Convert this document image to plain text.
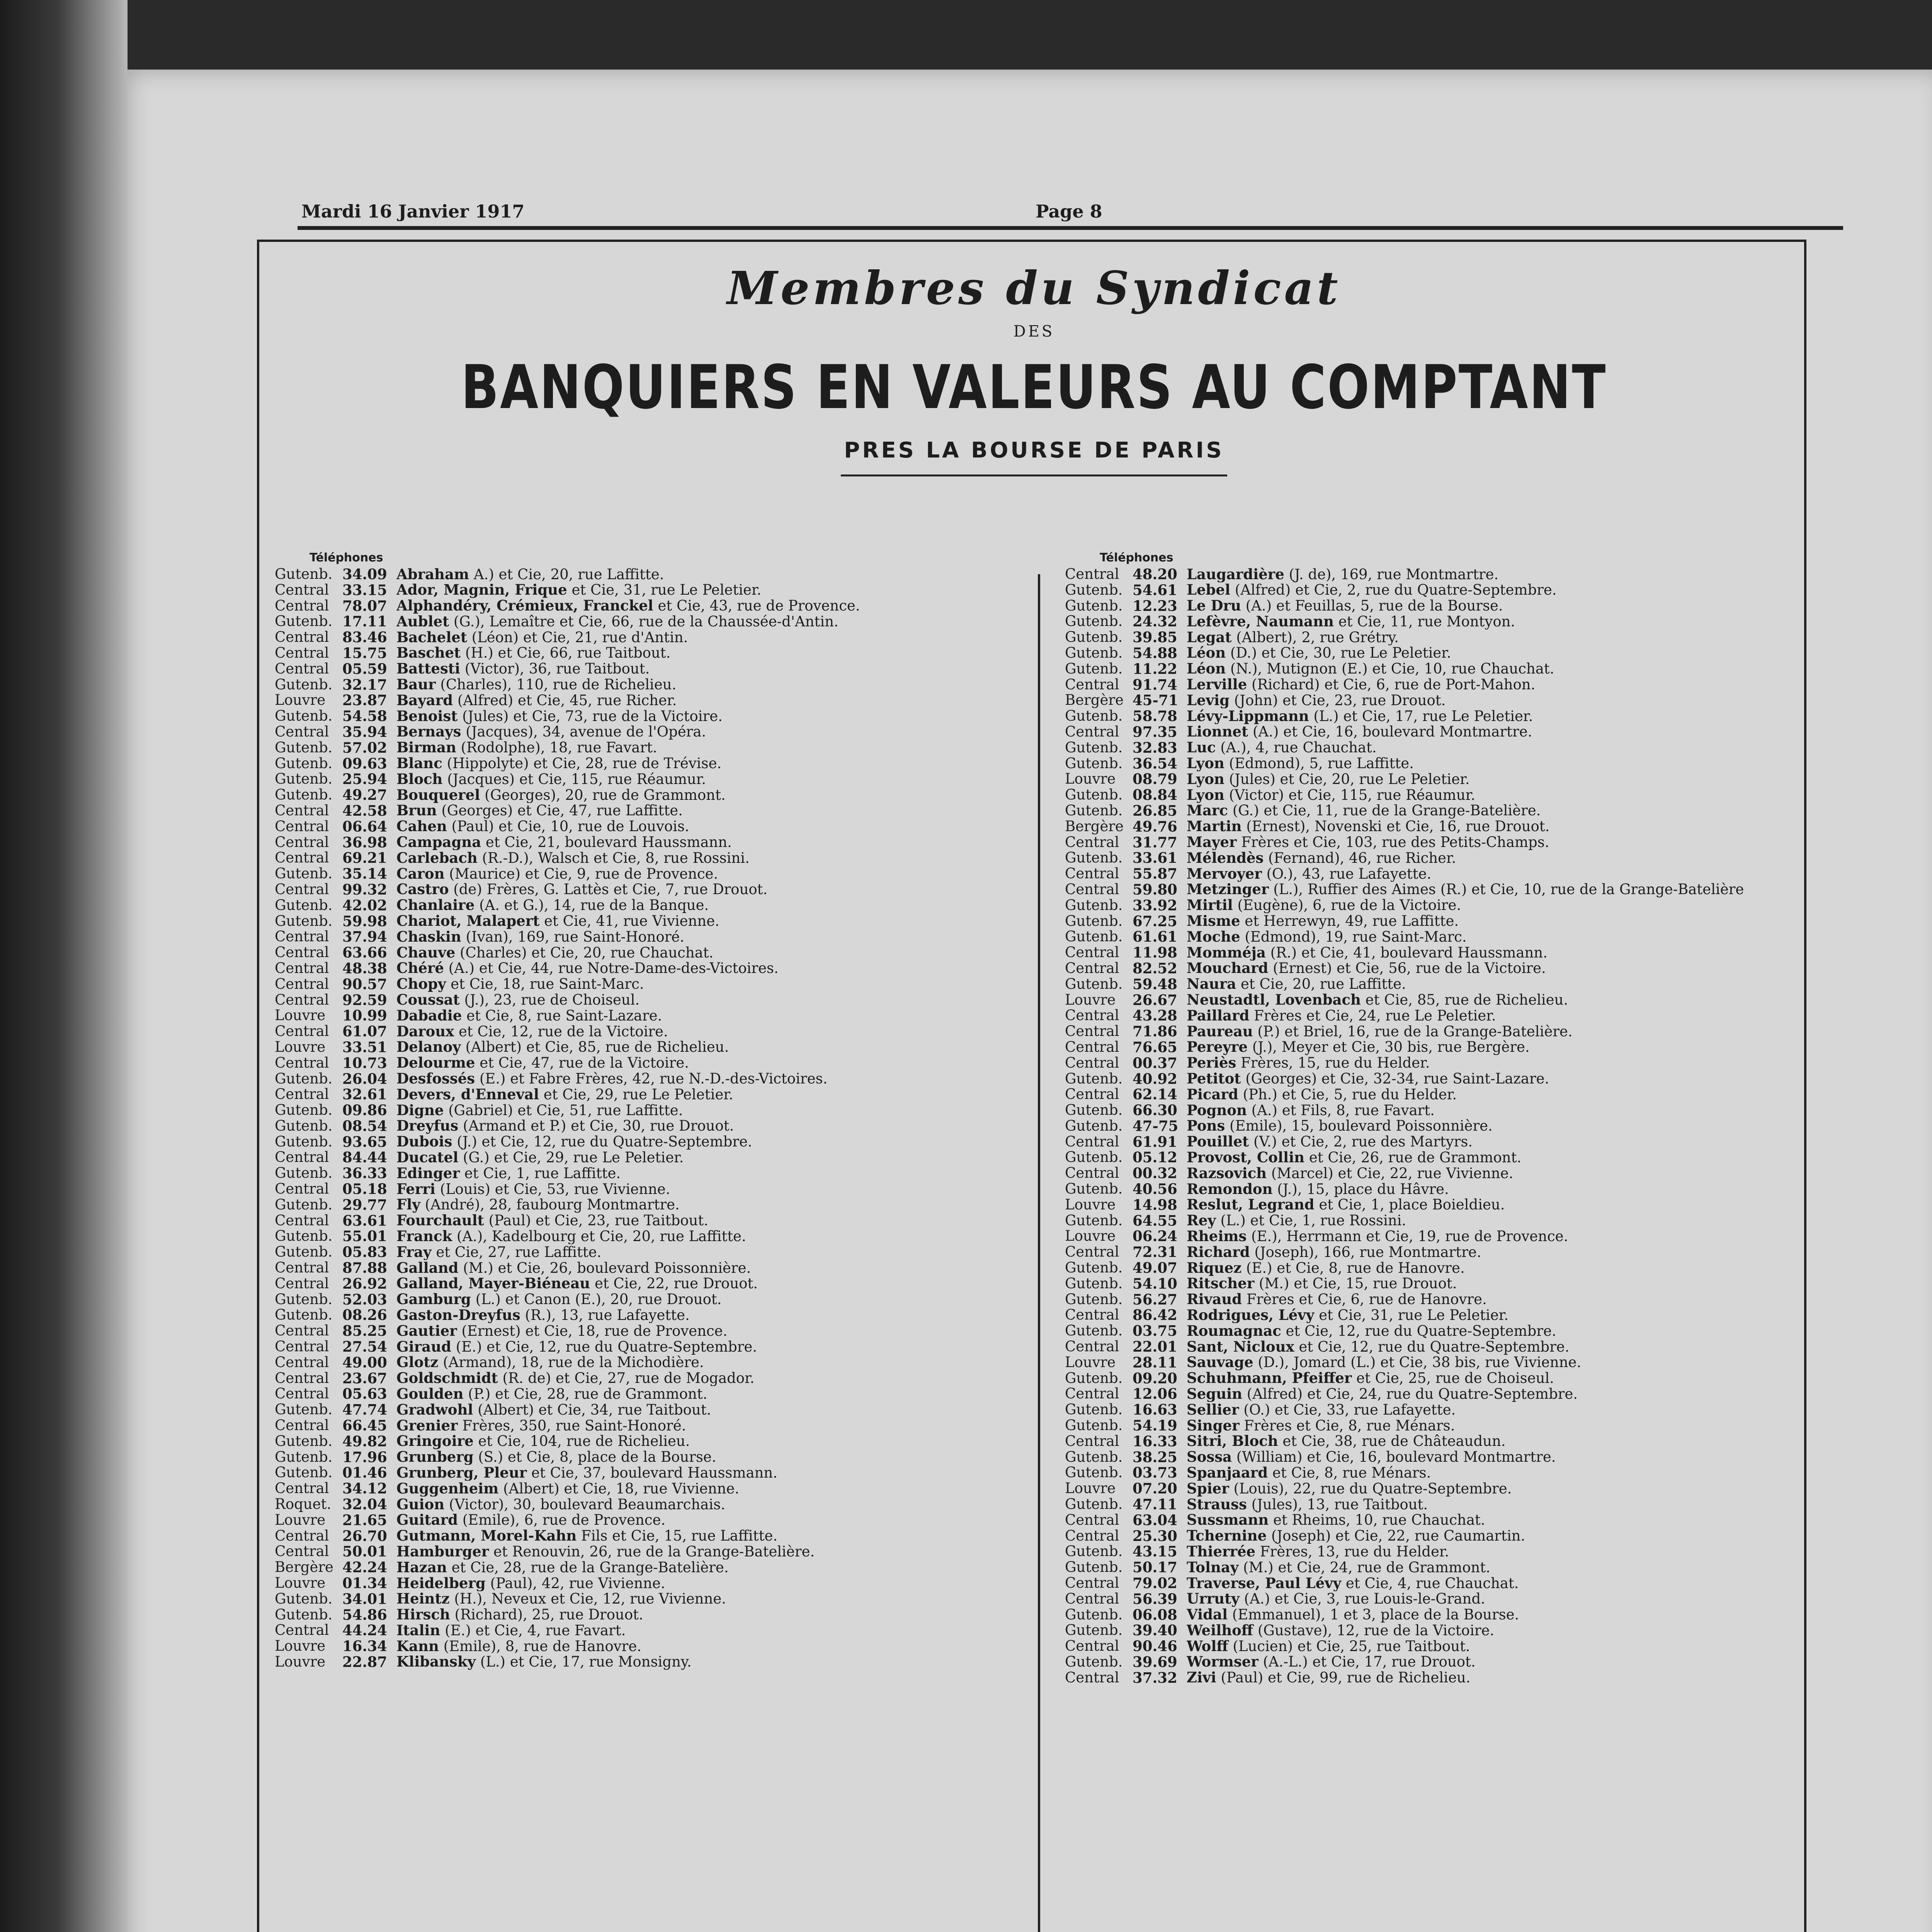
Mardi 16 Janvier 1917	Page 8
Membres du Syndicat
DES
BANQUIERS EN VALEURS AU COMPTANT
PRES LA BOURSE DE PARIS
Téléphones
Gutenb. 34.09 Abraham A.) et Cie, 20, rue Laffitte.
Central 33.15 Ador, Magnin, Frique et Cie, 31, rue Le Peletier.
Central 78.07 Alphandéry, Crémieux, Franckel et Cie, 43, rue de Provence.
Gutenb. 17.11 Aublet (G.), Lemaître et Cie, 66, rue de la Chaussée-d'Antin.
Central 83.46 Bachelet (Léon) et Cie, 21, rue d'Antin.
Central 15.75 Baschet (H.) et Cie, 66, rue Taitbout.
Central 05.59 Battesti (Victor), 36, rue Taitbout.
Gutenb. 32.17 Baur (Charles), 110, rue de Richelieu.
Louvre	23.87 Bayard (Alfred) et Cie, 45, rue Richer.
Gutenb. 54.58 Benoist (Jules) et Cie, 73, rue de la Victoire.
Central 35.94 Bernays (Jacques), 34, avenue de l'Opéra.
Gutenb. 57.02 Birman (Rodolphe), 18, rue Favart.
Gutenb. 09.63 Blanc (Hippolyte) et Cie, 28, rue de Trévise.
Gutenb. 25.94 Bloch (Jacques) et Cie, 115, rue Réaumur.
Gutenb. 49.27 Bouquerel (Georges), 20, rue de Grammont.
Central 42.58 Brun (Georges) et Cie, 47, rue Laffitte.
Central 06.64 Cahen (Paul) et Cie, 10, rue de Louvois.
Central 36.98 Campagna et Cie, 21, boulevard Haussmann.
Central 69.21 Carlebach (R.-D.), Walsch et Cie, 8, rue Rossini.
Gutenb. 35.14 Caron (Maurice) et Cie, 9, rue de Provence.
Central 99.32 Castro (de) Frères, G. Lattès et Cie, 7, rue Drouot.
Gutenb. 42.02 Chanlaire (A. et G.), 14, rue de la Banque.
Gutenb. 59.98 Chariot, Malapert et Cie, 41, rue Vivienne.
Central 37.94 Chaskin (Ivan), 169, rue Saint-Honoré.
Central 63.66 Chauve (Charles) et Cie, 20, rue Chauchat.
Central 48.38 Chéré (A.) et Cie, 44, rue Notre-Dame-des-Victoires.
Central 90.57 Chopy et Cie, 18, rue Saint-Marc.
Central 92.59 Coussat (J.), 23, rue de Choiseul.
Louvre	10.99 Dabadie et Cie, 8, rue Saint-Lazare.
Central 61.07 Daroux et Cie, 12, rue de la Victoire.
Louvre	33.51 Delanoy (Albert) et Cie, 85, rue de Richelieu.
Central 10.73 Delourme et Cie, 47, rue de la Victoire.
Gutenb. 26.04 Desfossés (E.) et Fabre Frères, 42, rue N.-D.-des-Victoires.
Central 32.61 Devers, d'Enneval et Cie, 29, rue Le Peletier.
Gutenb. 09.86 Digne (Gabriel) et Cie, 51, rue Laffitte.
Gutenb. 08.54 Dreyfus (Armand et P.) et Cie, 30, rue Drouot.
Gutenb. 93.65 Dubois (J.) et Cie, 12, rue du Quatre-Septembre.
Central 84.44 Ducatel (G.) et Cie, 29, rue Le Peletier.
Gutenb. 36.33 Edinger et Cie, 1, rue Laffitte.
Central 05.18 Ferri (Louis) et Cie, 53, rue Vivienne.
Gutenb. 29.77 Fly (André), 28, faubourg Montmartre.
Central 63.61 Fourchault (Paul) et Cie, 23, rue Taitbout.
Gutenb. 55.01 Franck (A.), Kadelbourg et Cie, 20, rue Laffitte.
Gutenb. 05.83 Fray et Cie, 27, rue Laffitte.
Central 87.88 Galland (M.) et Cie, 26, boulevard Poissonnière.
Central 26.92 Galland, Mayer-Biéneau et Cie, 22, rue Drouot.
Gutenb. 52.03 Gamburg (L.) et Canon (E.), 20, rue Drouot.
Gutenb. 08.26 Gaston-Dreyfus (R.), 13, rue Lafayette.
Central 85.25 Gautier (Ernest) et Cie, 18, rue de Provence.
Central 27.54 Giraud (E.) et Cie, 12, rue du Quatre-Septembre.
Central 49.00 Glotz (Armand), 18, rue de la Michodière.
Central 23.67 Goldschmidt (R. de) et Cie, 27, rue de Mogador.
Central 05.63 Goulden (P.) et Cie, 28, rue de Grammont.
Gutenb. 47.74 Gradwohl (Albert) et Cie, 34, rue Taitbout.
Central 66.45 Grenier Frères, 350, rue Saint-Honoré.
Gutenb. 49.82 Gringoire et Cie, 104, rue de Richelieu.
Gutenb. 17.96 Grunberg (S.) et Cie, 8, place de la Bourse.
Gutenb. 01.46 Grunberg, Pleur et Cie, 37, boulevard Haussmann.
Central 34.12 Guggenheim (Albert) et Cie, 18, rue Vivienne.
Roquet. 32.04 Guion (Victor), 30, boulevard Beaumarchais.
Louvre	21.65 Guitard (Emile), 6, rue de Provence.
Central 26.70 Gutmann, Morel-Kahn Fils et Cie, 15, rue Laffitte.
Central 50.01 Hamburger et Renouvin, 26, rue de la Grange-Batelière.
Bergère 42.24 Hazan et Cie, 28, rue de la Grange-Batelière.
Louvre	01.34 Heidelberg (Paul), 42, rue Vivienne.
Gutenb. 34.01 Heintz (H.), Neveux et Cie, 12, rue Vivienne.
Gutenb. 54.86 Hirsch (Richard), 25, rue Drouot.
Central 44.24 Italin (E.) et Cie, 4, rue Favart.
Louvre	16.34 Kann (Emile), 8, rue de Hanovre.
Louvre	22.87 Klibansky (L.) et Cie, 17, rue Monsigny.
Téléphones
Central 48.20 Laugardière (J. de), 169, rue Montmartre.
Gutenb. 54.61 Lebel (Alfred) et Cie, 2, rue du Quatre-Septembre.
Gutenb. 12.23 Le Dru (A.) et Feuillas, 5, rue de la Bourse.
Gutenb. 24.32 Lefèvre, Naumann et Cie, 11, rue Montyon.
Gutenb. 39.85 Legat (Albert), 2, rue Grétry.
Gutenb. 54.88 Léon (D.) et Cie, 30, rue Le Peletier.
Gutenb. 11.22 Léon (N.), Mutignon (E.) et Cie, 10, rue Chauchat.
Central 91.74 Lerville (Richard) et Cie, 6, rue de Port-Mahon.
Bergère 45-71 Levig (John) et Cie, 23, rue Drouot.
Gutenb. 58.78 Lévy-Lippmann (L.) et Cie, 17, rue Le Peletier.
Central 97.35 Lionnet (A.) et Cie, 16, boulevard Montmartre.
Gutenb. 32.83 Luc (A.), 4, rue Chauchat.
Gutenb. 36.54 Lyon (Edmond), 5, rue Laffitte.
Louvre	08.79 Lyon (Jules) et Cie, 20, rue Le Peletier.
Gutenb. 08.84 Lyon (Victor) et Cie, 115, rue Réaumur.
Gutenb. 26.85 Marc (G.) et Cie, 11, rue de la Grange-Batelière.
Bergère 49.76 Martin (Ernest), Novenski et Cie, 16, rue Drouot.
Central 31.77 Mayer Frères et Cie, 103, rue des Petits-Champs.
Gutenb. 33.61 Mélendès (Fernand), 46, rue Richer.
Central 55.87 Mervoyer (O.), 43, rue Lafayette.
Central 59.80 Metzinger (L.), Ruffier des Aimes (R.) et Cie, 10, rue de la Grange-Batelière
Gutenb. 33.92 Mirtil (Eugène), 6, rue de la Victoire.
Gutenb. 67.25 Misme et Herrewyn, 49, rue Laffitte.
Gutenb. 61.61 Moche (Edmond), 19, rue Saint-Marc.
Central 11.98 Momméja (R.) et Cie, 41, boulevard Haussmann.
Central 82.52 Mouchard (Ernest) et Cie, 56, rue de la Victoire.
Gutenb. 59.48 Naura et Cie, 20, rue Laffitte.
Louvre	26.67 Neustadtl, Lovenbach et Cie, 85, rue de Richelieu.
Central 43.28 Paillard Frères et Cie, 24, rue Le Peletier.
Central 71.86 Paureau (P.) et Briel, 16, rue de la Grange-Batelière.
Central 76.65 Pereyre (J.), Meyer et Cie, 30 bis, rue Bergère.
Central 00.37 Periès Frères, 15, rue du Helder.
Gutenb. 40.92 Petitot (Georges) et Cie, 32-34, rue Saint-Lazare.
Central 62.14 Picard (Ph.) et Cie, 5, rue du Helder.
Gutenb. 66.30 Pognon (A.) et Fils, 8, rue Favart.
Gutenb. 47-75 Pons (Emile), 15, boulevard Poissonnière.
Central 61.91 Pouillet (V.) et Cie, 2, rue des Martyrs.
Gutenb. 05.12 Provost, Collin et Cie, 26, rue de Grammont.
Central 00.32 Razsovich (Marcel) et Cie, 22, rue Vivienne.
Gutenb. 40.56 Remondon (J.), 15, place du Hâvre.
Louvre	14.98 Reslut, Legrand et Cie, 1, place Boieldieu.
Gutenb. 64.55 Rey (L.) et Cie, 1, rue Rossini.
Louvre	06.24 Rheims (E.), Herrmann et Cie, 19, rue de Provence.
Central 72.31 Richard (Joseph), 166, rue Montmartre.
Gutenb. 49.07 Riquez (E.) et Cie, 8, rue de Hanovre.
Gutenb. 54.10 Ritscher (M.) et Cie, 15, rue Drouot.
Gutenb. 56.27 Rivaud Frères et Cie, 6, rue de Hanovre.
Central 86.42 Rodrigues, Lévy et Cie, 31, rue Le Peletier.
Gutenb. 03.75 Roumagnac et Cie, 12, rue du Quatre-Septembre.
Central 22.01 Sant, Nicloux et Cie, 12, rue du Quatre-Septembre.
Louvre	28.11 Sauvage (D.), Jomard (L.) et Cie, 38 bis, rue Vivienne.
Gutenb. 09.20 Schuhmann, Pfeiffer et Cie, 25, rue de Choiseul.
Central 12.06 Seguin (Alfred) et Cie, 24, rue du Quatre-Septembre.
Gutenb. 16.63 Sellier (O.) et Cie, 33, rue Lafayette.
Gutenb. 54.19 Singer Frères et Cie, 8, rue Ménars.
Central 16.33 Sitri, Bloch et Cie, 38, rue de Châteaudun.
Gutenb. 38.25 Sossa (William) et Cie, 16, boulevard Montmartre.
Gutenb. 03.73 Spanjaard et Cie, 8, rue Ménars.
Louvre	07.20 Spier (Louis), 22, rue du Quatre-Septembre.
Gutenb. 47.11 Strauss (Jules), 13, rue Taitbout.
Central 63.04 Sussmann et Rheims, 10, rue Chauchat.
Central 25.30 Tchernine (Joseph) et Cie, 22, rue Caumartin.
Gutenb. 43.15 Thierrée Frères, 13, rue du Helder.
Gutenb. 50.17 Tolnay (M.) et Cie, 24, rue de Grammont.
Central 79.02 Traverse, Paul Lévy et Cie, 4, rue Chauchat.
Central 56.39 Urruty (A.) et Cie, 3, rue Louis-le-Grand.
Gutenb. 06.08 Vidal (Emmanuel), 1 et 3, place de la Bourse.
Gutenb. 39.40 Weilhoff (Gustave), 12, rue de la Victoire.
Central 90.46 Wolff (Lucien) et Cie, 25, rue Taitbout.
Gutenb. 39.69 Wormser (A.-L.) et Cie, 17, rue Drouot.
Central 37.32 Zivi (Paul) et Cie, 99, rue de Richelieu.
